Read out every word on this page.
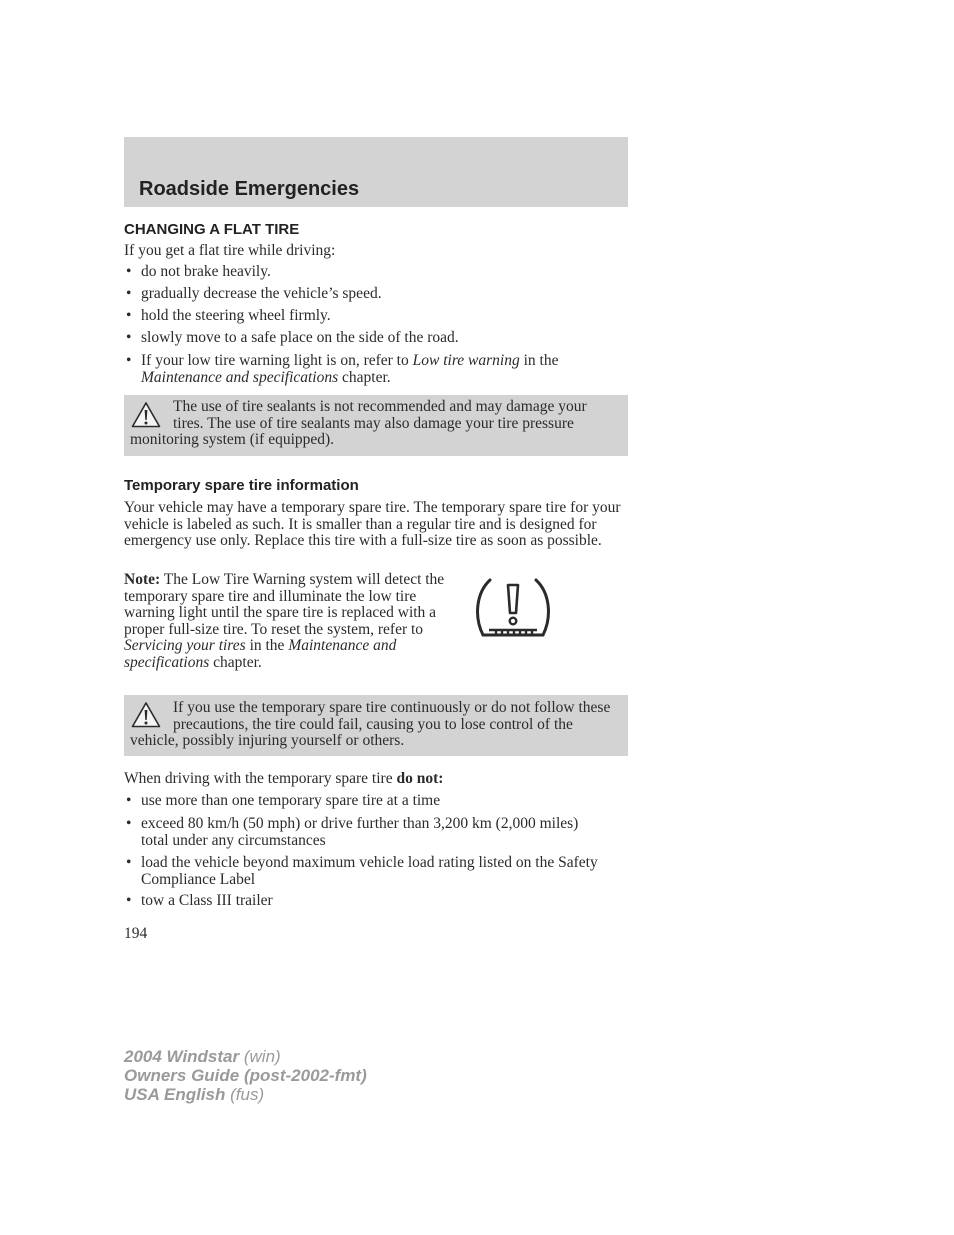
Roadside Emergencies
CHANGING A FLAT TIRE

If you get a flat tire while driving:

• do not brake heavily.
• gradually decrease the vehicle’s speed.
• hold the steering wheel firmly.
• slowly move to a safe place on the side of the road.
• If your low tire warning light is on, refer to Low tire warning in the Maintenance and specifications chapter.

The use of tire sealants is not recommended and may damage your tires. The use of tire sealants may also damage your tire pressure monitoring system (if equipped).

Temporary spare tire information

Your vehicle may have a temporary spare tire. The temporary spare tire for your vehicle is labeled as such. It is smaller than a regular tire and is designed for emergency use only. Replace this tire with a full-size tire as soon as possible.

Note: The Low Tire Warning system will detect the temporary spare tire and illuminate the low tire warning light until the spare tire is replaced with a proper full-size tire. To reset the system, refer to Servicing your tires in the Maintenance and specifications chapter.

If you use the temporary spare tire continuously or do not follow these precautions, the tire could fail, causing you to lose control of the vehicle, possibly injuring yourself or others.

When driving with the temporary spare tire do not:

• use more than one temporary spare tire at a time
• exceed 80 km/h (50 mph) or drive further than 3,200 km (2,000 miles) total under any circumstances
• load the vehicle beyond maximum vehicle load rating listed on the Safety Compliance Label
• tow a Class III trailer
194
2004 Windstar (win)
Owners Guide (post-2002-fmt)
USA English (fus)
